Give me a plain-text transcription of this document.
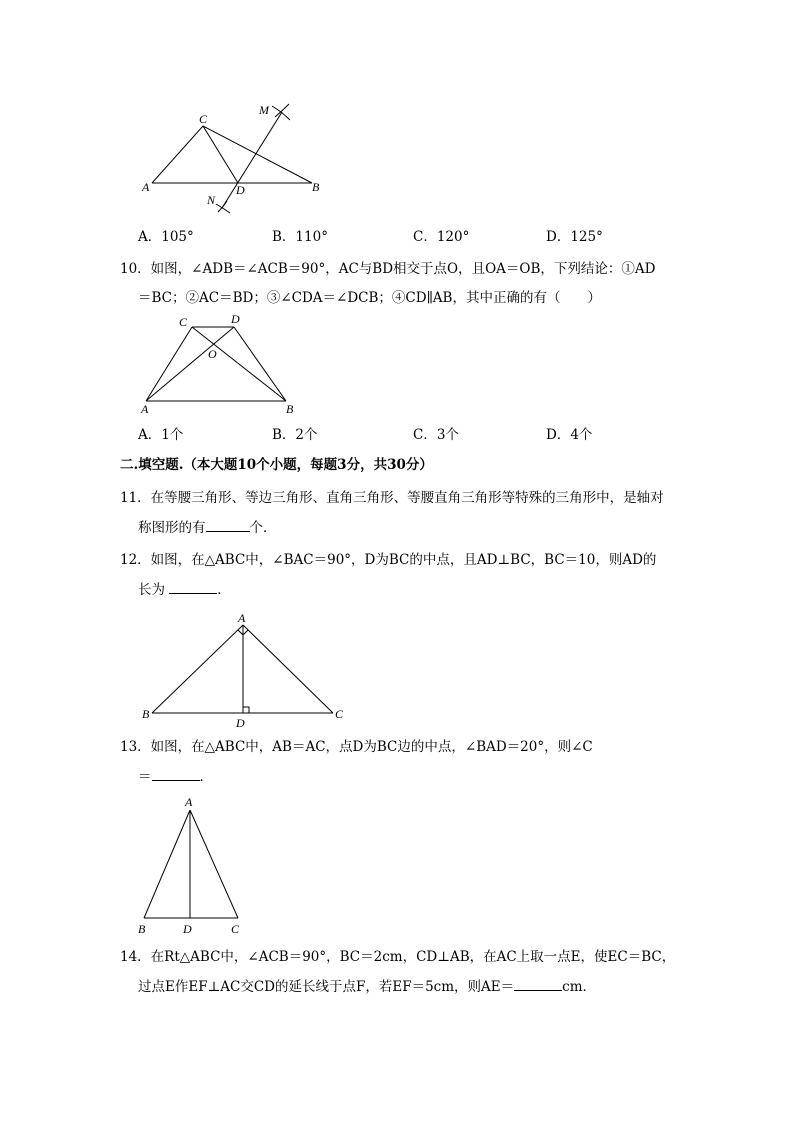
C
M
A	D	B
N
A．105°	B．110°	C．120°	D．125°
10．如图，∠ADB＝∠ACB＝90°，AC与BD相交于点O，且OA＝OB，下列结论：①AD
＝BC；②AC＝BD；③∠CDA＝∠DCB；④CD∥AB，其中正确的有（　　）
C	D
O
A	B
A．1个	B．2个	C．3个	D．4个
二.填空题.（本大题10个小题，每题3分，共30分）
11．在等腰三角形、等边三角形、直角三角形、等腰直角三角形等特殊的三角形中，是轴对
称图形的有	个．
12．如图，在△ABC中，∠BAC＝90°，D为BC的中点，且AD⊥BC，BC＝10，则AD的
长为	．
A
B
D
C
13．如图，在△ABC中，AB＝AC，点D为BC边的中点，∠BAD＝20°，则∠C
＝	．
A
B	D	C
14．在Rt△ABC中，∠ACB＝90°，BC＝2cm，CD⊥AB，在AC上取一点E，使EC＝BC，
过点E作EF⊥AC交CD的延长线于点F，若EF＝5cm，则AE＝	cm．
